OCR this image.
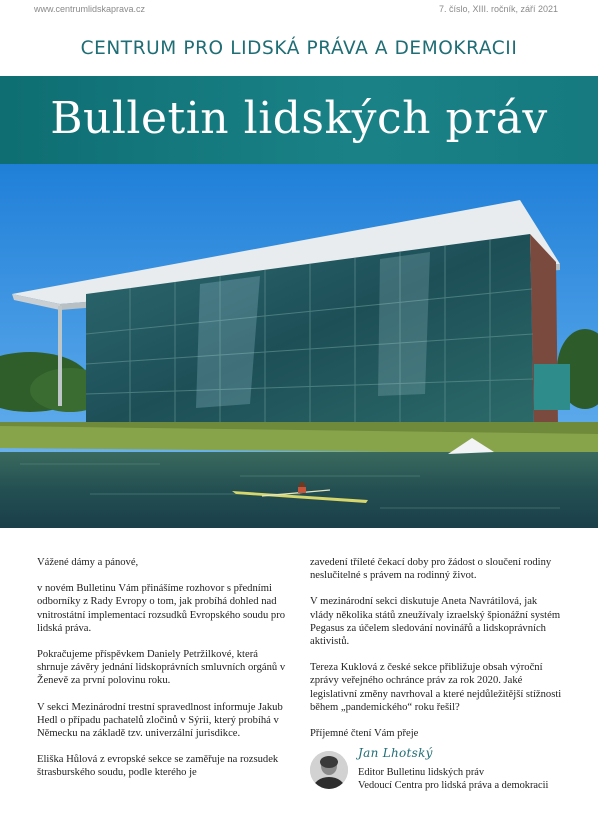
www.centrumlidskaprava.cz	7. číslo, XIII. ročník, září 2021
CENTRUM PRO LIDSKÁ PRÁVA A DEMOKRACII
Bulletin lidských práv

Vážené dámy a pánové,

v novém Bulletinu Vám přinášíme rozhovor s předními odborníky z Rady Evropy o tom, jak probíhá dohled nad vnitrostátní implementací rozsudků Evropského soudu pro lidská práva.

Pokračujeme příspěvkem Daniely Petržilkové, která shrnuje závěry jednání lidskoprávních smluvních orgánů v Ženevě za první polovinu roku.

V sekci Mezinárodní trestní spravedlnost informuje Jakub Hedl o případu pachatelů zločinů v Sýrii, který probíhá v Německu na základě tzv. univerzální jurisdikce.

Eliška Hůlová z evropské sekce se zaměřuje na rozsudek štrasburského soudu, podle kterého je

zavedení tříleté čekací doby pro žádost o sloučení rodiny neslučitelné s právem na rodinný život.

V mezinárodní sekci diskutuje Aneta Navrátilová, jak vlády několika států zneužívaly izraelský špionážní systém Pegasus za účelem sledování novinářů a lidskoprávních aktivistů.

Tereza Kuklová z české sekce přibližuje obsah výroční zprávy veřejného ochránce práv za rok 2020. Jaké legislativní změny navrhoval a které nejdůležitější stížnosti během „pandemického“ roku řešil?

Příjemné čtení Vám přeje

Jan Lhotský
Editor Bulletinu lidských práv
Vedoucí Centra pro lidská práva a demokracii
